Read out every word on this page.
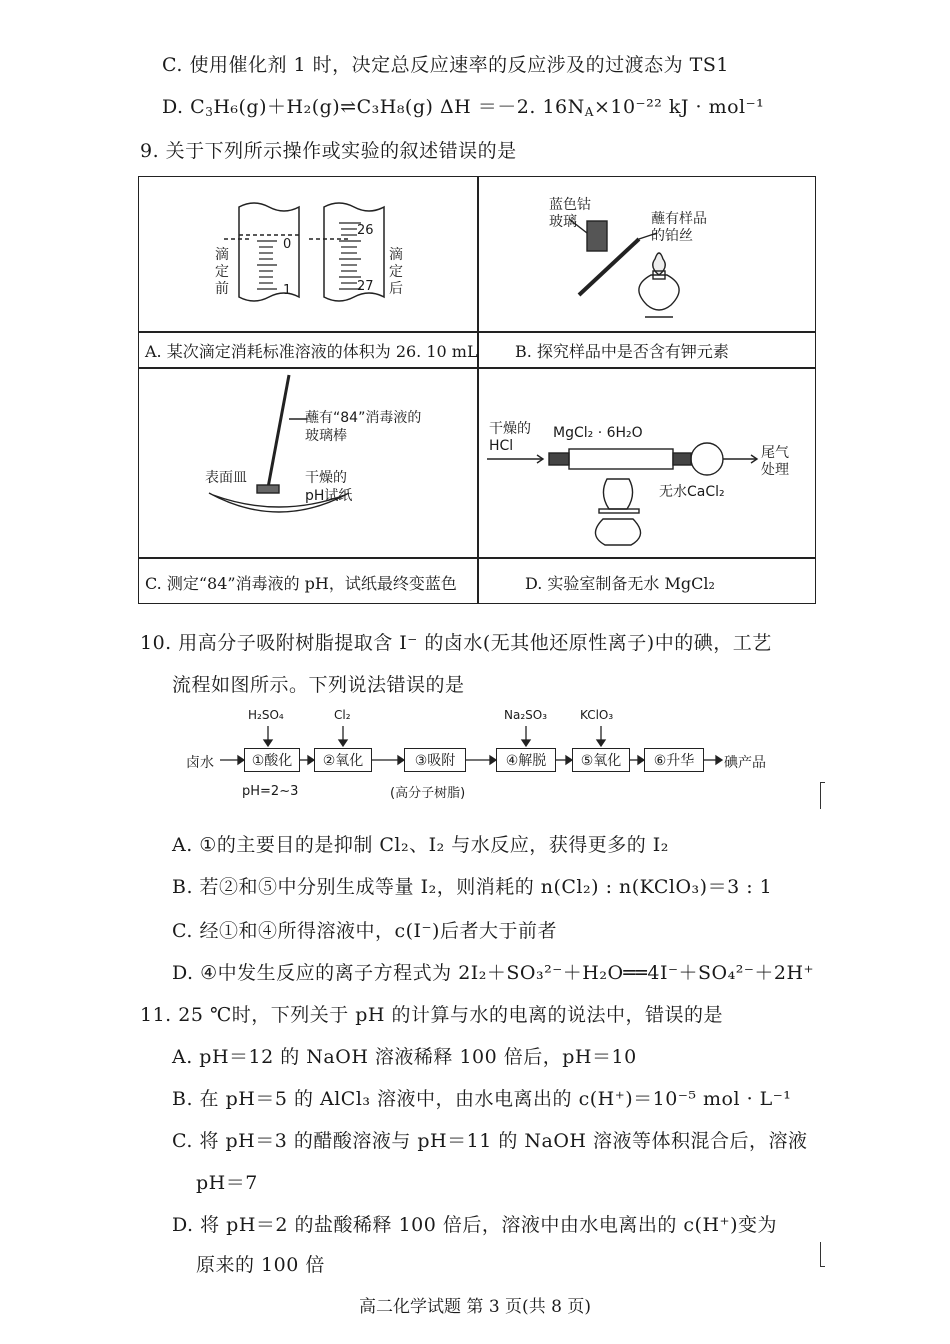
C. 使用催化剂 1 时，决定总反应速率的反应涉及的过渡态为 TS1
D. $C_3H_6(g)+H_2(g)\rightleftharpoons C_3H_8(g)$ ΔH ＝－2. $16N_A\times 10^{-22}$ kJ · mol⁻¹
9. 关于下列所示操作或实验的叙述错误的是
0
1
26
27
滴定前
滴定后
A. 某次滴定消耗标准溶液的体积为 26. 10 mL
蓝色钴玻璃	蘸有样品的铂丝
B. 探究样品中是否含有钾元素
蘸有“84”消毒液的玻璃棒
表面皿	干燥的pH试纸
C. 测定“84”消毒液的 pH，试纸最终变蓝色
干燥的HCl
MgCl₂ · 6H₂O
无水CaCl₂
尾气处理
D. 实验室制备无水 MgCl₂
10. 用高分子吸附树脂提取含 I⁻ 的卤水(无其他还原性离子)中的碘，工艺
流程如图所示。下列说法错误的是
卤水	①酸化	②氧化	③吸附	④解脱	⑤氧化	⑥升华	碘产品
H₂SO₄	Cl₂	Na₂SO₃	KClO₃
pH=2~3	(高分子树脂)
A. ①的主要目的是抑制 Cl₂、I₂ 与水反应，获得更多的 I₂
B. 若②和⑤中分别生成等量 I₂，则消耗的 n(Cl₂) : n(KClO₃)＝3 : 1
C. 经①和④所得溶液中，c(I⁻)后者大于前者
D. ④中发生反应的离子方程式为 2I₂＋SO₃²⁻＋H₂O══4I⁻＋SO₄²⁻＋2H⁺
11. 25 ℃时，下列关于 pH 的计算与水的电离的说法中，错误的是
A. pH＝12 的 NaOH 溶液稀释 100 倍后，pH＝10
B. 在 pH＝5 的 AlCl₃ 溶液中，由水电离出的 c(H⁺)＝10⁻⁵ mol · L⁻¹
C. 将 pH＝3 的醋酸溶液与 pH＝11 的 NaOH 溶液等体积混合后，溶液
pH＝7
D. 将 pH＝2 的盐酸稀释 100 倍后，溶液中由水电离出的 c(H⁺)变为
原来的 100 倍
高二化学试题 第 3 页(共 8 页)
